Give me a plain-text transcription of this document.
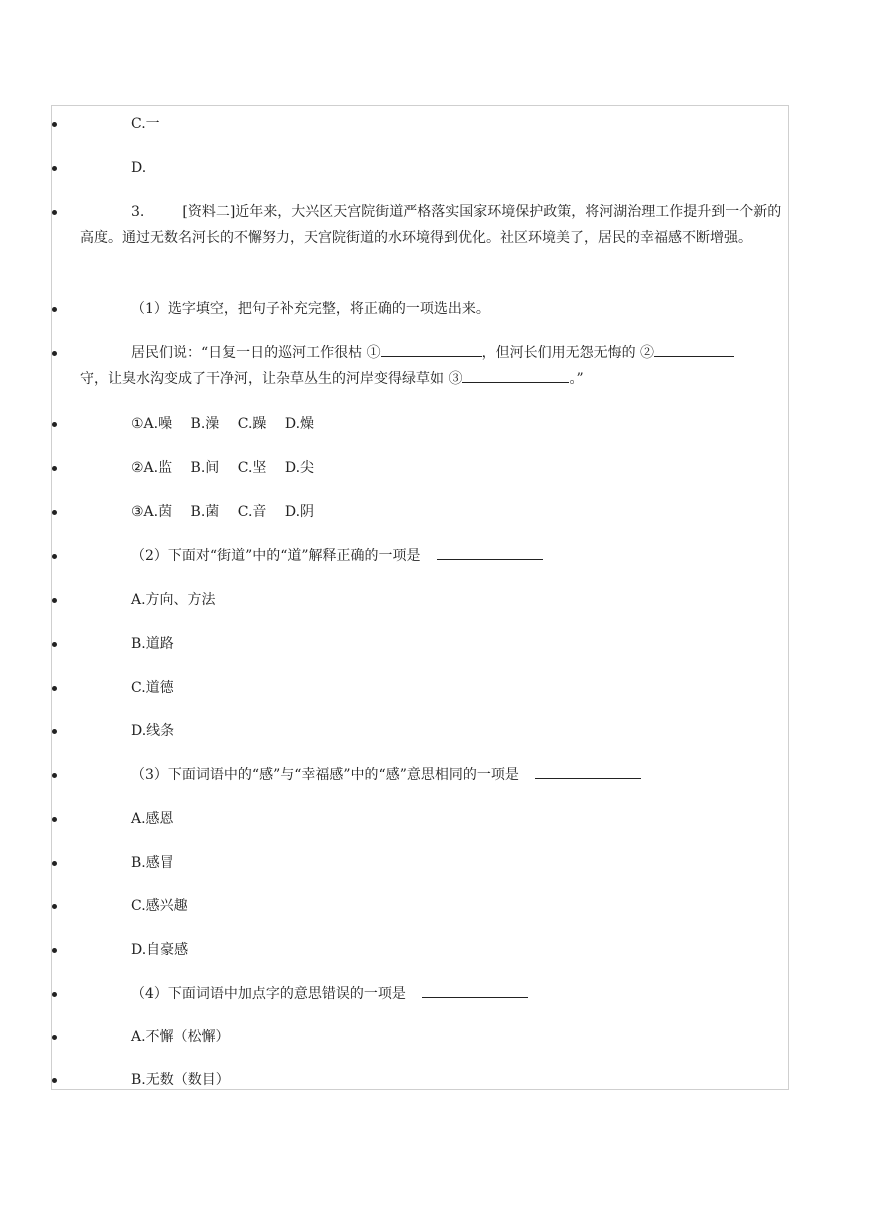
C.一
D.
3.	[资料二]近年来，大兴区天宫院街道严格落实国家环境保护政策，将河湖治理工作提升到一个新的高度。通过无数名河长的不懈努力，天宫院街道的水环境得到优化。社区环境美了，居民的幸福感不断增强。
（1）选字填空，把句子补充完整，将正确的一项选出来。
居民们说：“日复一日的巡河工作很枯 ①	，但河长们用无怨无悔的 ②
守，让臭水沟变成了干净河，让杂草丛生的河岸变得绿草如 ③	。”
①A.噪　 B.澡　 C.躁　 D.燥
②A.监　 B.间　 C.坚　 D.尖
③A.茵　 B.菌　 C.音　 D.阴
（2）下面对“街道”中的“道”解释正确的一项是
A.方向、方法
B.道路
C.道德
D.线条
（3）下面词语中的“感”与“幸福感”中的“感”意思相同的一项是
A.感恩
B.感冒
C.感兴趣
D.自豪感
（4）下面词语中加点字的意思错误的一项是
A.不懈（松懈）
B.无数（数目）
